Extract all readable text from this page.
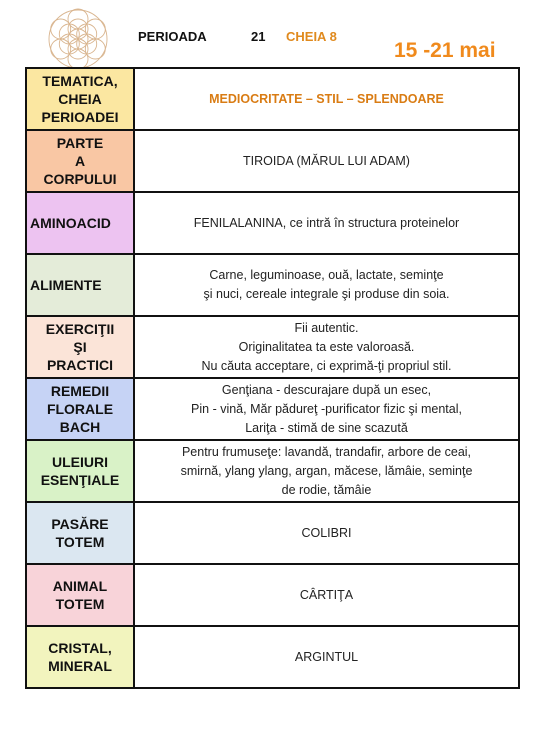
PERIOADA	21 CHEIA 8
15 -21 mai
TEMATICA,
CHEIA
PERIOADEI	MEDIOCRITATE – STIL – SPLENDOARE

PARTE
A
CORPULUI	TIROIDA (MĂRUL LUI ADAM)

AMINOACID	FENILALANINA, ce intră în structura proteinelor

ALIMENTE	Carne, leguminoase, ouă, lactate, seminţe
şi nuci, cereale integrale şi produse din soia.

EXERCIŢII
ŞI
PRACTICI	Fii autentic.
Originalitatea ta este valoroasă.
Nu căuta acceptare, ci exprimă-ţi propriul stil.

REMEDII
FLORALE
BACH	Genţiana - descurajare după un esec,
Pin - vină, Măr pădureţ -purificator fizic şi mental,
Lariţa - stimă de sine scazută

ULEIURI
ESENŢIALE	Pentru frumuseţe: lavandă, trandafir, arbore de ceai,
smirnă, ylang ylang, argan, măcese, lămâie, seminţe
de rodie, tămâie

PASĂRE
TOTEM	COLIBRI

ANIMAL
TOTEM	CÂRTIŢA

CRISTAL,
MINERAL	ARGINTUL
